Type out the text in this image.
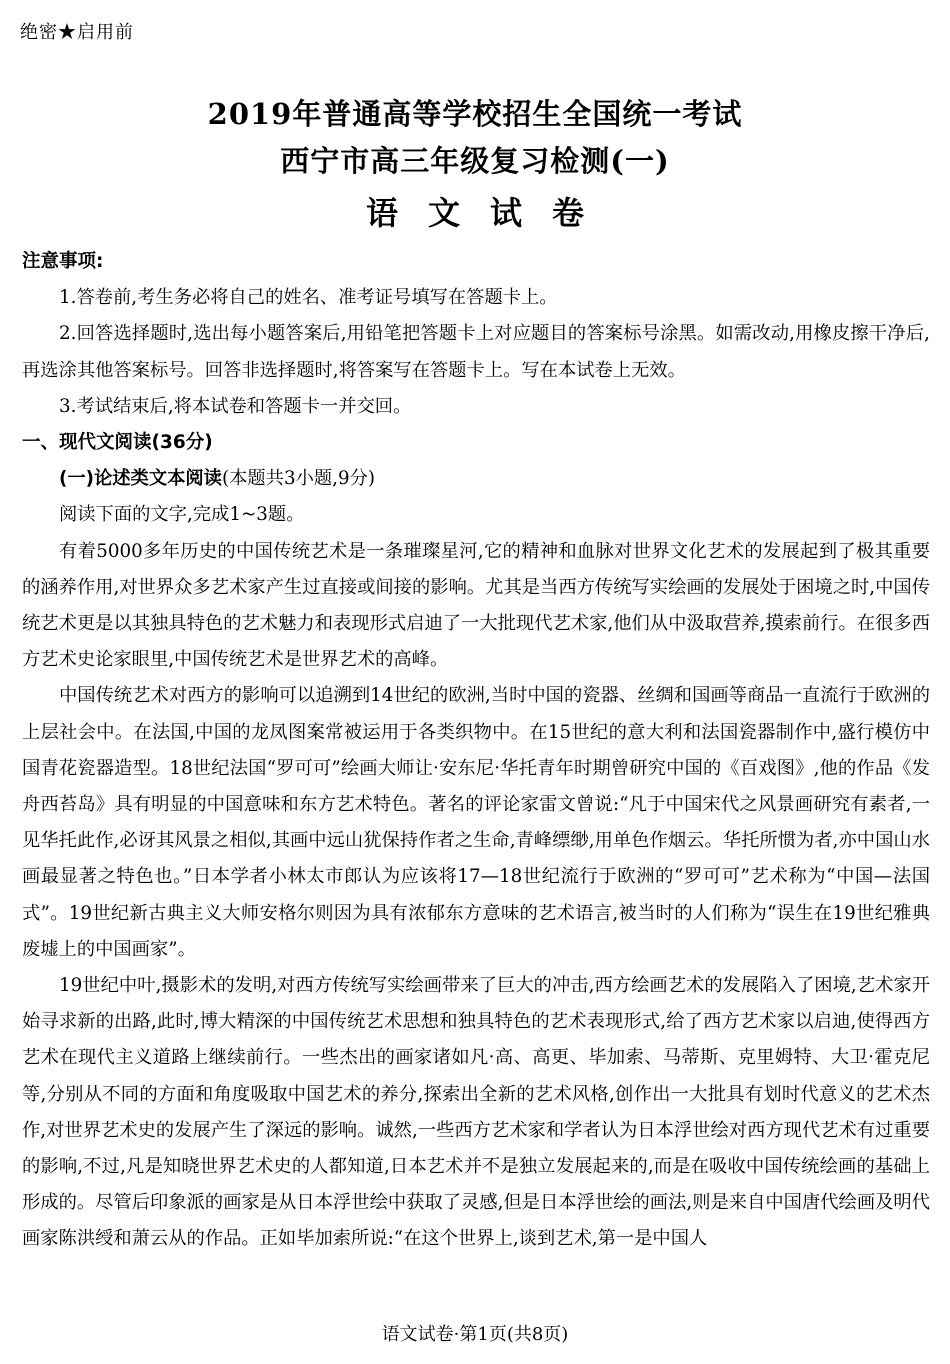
绝密★启用前
2019年普通高等学校招生全国统一考试
西宁市高三年级复习检测(一)
语文试卷

注意事项:

1.答卷前,考生务必将自己的姓名、准考证号填写在答题卡上。

2.回答选择题时,选出每小题答案后,用铅笔把答题卡上对应题目的答案标号涂黑。如需改动,用橡皮擦干净后,再选涂其他答案标号。回答非选择题时,将答案写在答题卡上。写在本试卷上无效。

3.考试结束后,将本试卷和答题卡一并交回。

一、现代文阅读(36分)

(一)论述类文本阅读(本题共3小题,9分)

阅读下面的文字,完成1~3题。

有着5000多年历史的中国传统艺术是一条璀璨星河,它的精神和血脉对世界文化艺术的发展起到了极其重要的涵养作用,对世界众多艺术家产生过直接或间接的影响。尤其是当西方传统写实绘画的发展处于困境之时,中国传统艺术更是以其独具特色的艺术魅力和表现形式启迪了一大批现代艺术家,他们从中汲取营养,摸索前行。在很多西方艺术史论家眼里,中国传统艺术是世界艺术的高峰。

中国传统艺术对西方的影响可以追溯到14世纪的欧洲,当时中国的瓷器、丝绸和国画等商品一直流行于欧洲的上层社会中。在法国,中国的龙凤图案常被运用于各类织物中。在15世纪的意大利和法国瓷器制作中,盛行模仿中国青花瓷器造型。18世纪法国“罗可可”绘画大师让·安东尼·华托青年时期曾研究中国的《百戏图》,他的作品《发舟西苔岛》具有明显的中国意味和东方艺术特色。著名的评论家雷文曾说:“凡于中国宋代之风景画研究有素者,一见华托此作,必讶其风景之相似,其画中远山犹保持作者之生命,青峰缥缈,用单色作烟云。华托所惯为者,亦中国山水画最显著之特色也。”日本学者小林太市郎认为应该将17—18世纪流行于欧洲的“罗可可”艺术称为“中国—法国式”。19世纪新古典主义大师安格尔则因为具有浓郁东方意味的艺术语言,被当时的人们称为“误生在19世纪雅典废墟上的中国画家”。

19世纪中叶,摄影术的发明,对西方传统写实绘画带来了巨大的冲击,西方绘画艺术的发展陷入了困境,艺术家开始寻求新的出路,此时,博大精深的中国传统艺术思想和独具特色的艺术表现形式,给了西方艺术家以启迪,使得西方艺术在现代主义道路上继续前行。一些杰出的画家诸如凡·高、高更、毕加索、马蒂斯、克里姆特、大卫·霍克尼等,分别从不同的方面和角度吸取中国艺术的养分,探索出全新的艺术风格,创作出一大批具有划时代意义的艺术杰作,对世界艺术史的发展产生了深远的影响。诚然,一些西方艺术家和学者认为日本浮世绘对西方现代艺术有过重要的影响,不过,凡是知晓世界艺术史的人都知道,日本艺术并不是独立发展起来的,而是在吸收中国传统绘画的基础上形成的。尽管后印象派的画家是从日本浮世绘中获取了灵感,但是日本浮世绘的画法,则是来自中国唐代绘画及明代画家陈洪绶和萧云从的作品。正如毕加索所说:“在这个世界上,谈到艺术,第一是中国人

语文试卷·第1页(共8页)
